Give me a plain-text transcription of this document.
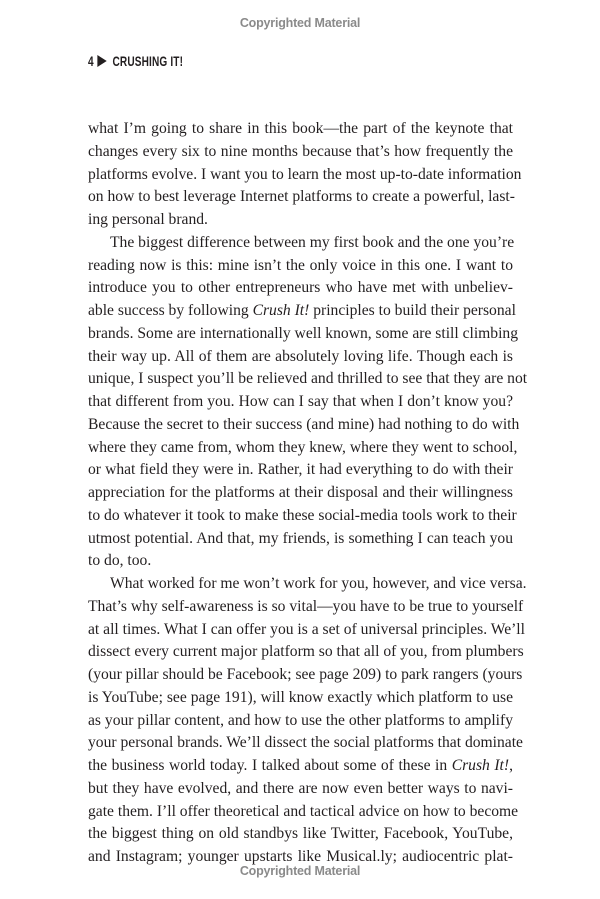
Copyrighted Material
4 CRUSHING IT!
what I’m going to share in this book—the part of the keynote that
changes every six to nine months because that’s how frequently the
platforms evolve. I want you to learn the most up-to-date information
on how to best leverage Internet platforms to create a powerful, last-
ing personal brand.
The biggest difference between my first book and the one you’re
reading now is this: mine isn’t the only voice in this one. I want to
introduce you to other entrepreneurs who have met with unbeliev-
able success by following Crush It! principles to build their personal
brands. Some are internationally well known, some are still climbing
their way up. All of them are absolutely loving life. Though each is
unique, I suspect you’ll be relieved and thrilled to see that they are not
that different from you. How can I say that when I don’t know you?
Because the secret to their success (and mine) had nothing to do with
where they came from, whom they knew, where they went to school,
or what field they were in. Rather, it had everything to do with their
appreciation for the platforms at their disposal and their willingness
to do whatever it took to make these social-media tools work to their
utmost potential. And that, my friends, is something I can teach you
to do, too.
What worked for me won’t work for you, however, and vice versa.
That’s why self-awareness is so vital—you have to be true to yourself
at all times. What I can offer you is a set of universal principles. We’ll
dissect every current major platform so that all of you, from plumbers
(your pillar should be Facebook; see page 209) to park rangers (yours
is YouTube; see page 191), will know exactly which platform to use
as your pillar content, and how to use the other platforms to amplify
your personal brands. We’ll dissect the social platforms that dominate
the business world today. I talked about some of these in Crush It!,
but they have evolved, and there are now even better ways to navi-
gate them. I’ll offer theoretical and tactical advice on how to become
the biggest thing on old standbys like Twitter, Facebook, YouTube,
and Instagram; younger upstarts like Musical.ly; audiocentric plat-
Copyrighted Material
